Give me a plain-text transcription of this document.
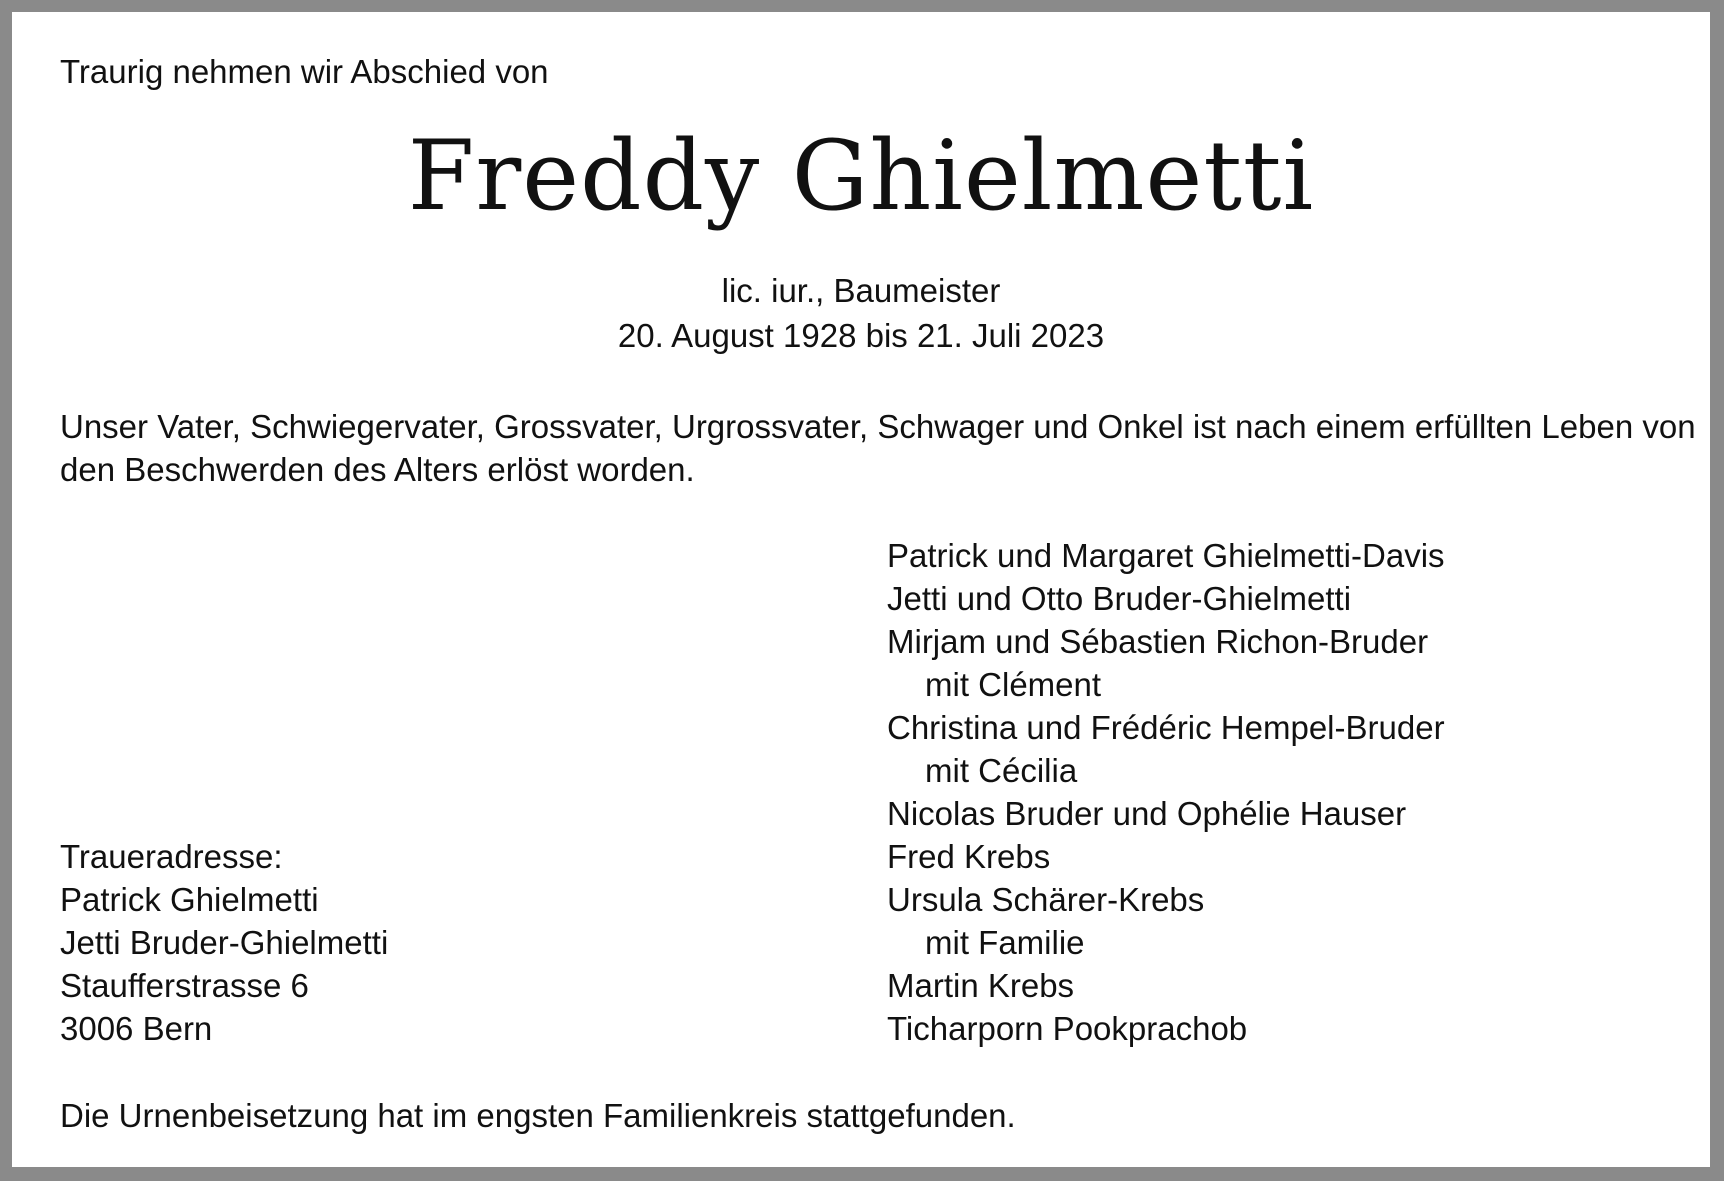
Traurig nehmen wir Abschied von
Freddy Ghielmetti
lic. iur., Baumeister
20. August 1928 bis 21. Juli 2023
Unser Vater, Schwiegervater, Grossvater, Urgrossvater, Schwager und Onkel ist nach einem erfüllten Leben von
den Beschwerden des Alters erlöst worden.
Patrick und Margaret Ghielmetti-Davis
Jetti und Otto Bruder-Ghielmetti
Mirjam und Sébastien Richon-Bruder
mit Clément
Christina und Frédéric Hempel-Bruder
mit Cécilia
Nicolas Bruder und Ophélie Hauser
Fred Krebs
Ursula Schärer-Krebs
mit Familie
Martin Krebs
Ticharporn Pookprachob
Traueradresse:
Patrick Ghielmetti
Jetti Bruder-Ghielmetti
Staufferstrasse 6
3006 Bern
Die Urnenbeisetzung hat im engsten Familienkreis stattgefunden.
